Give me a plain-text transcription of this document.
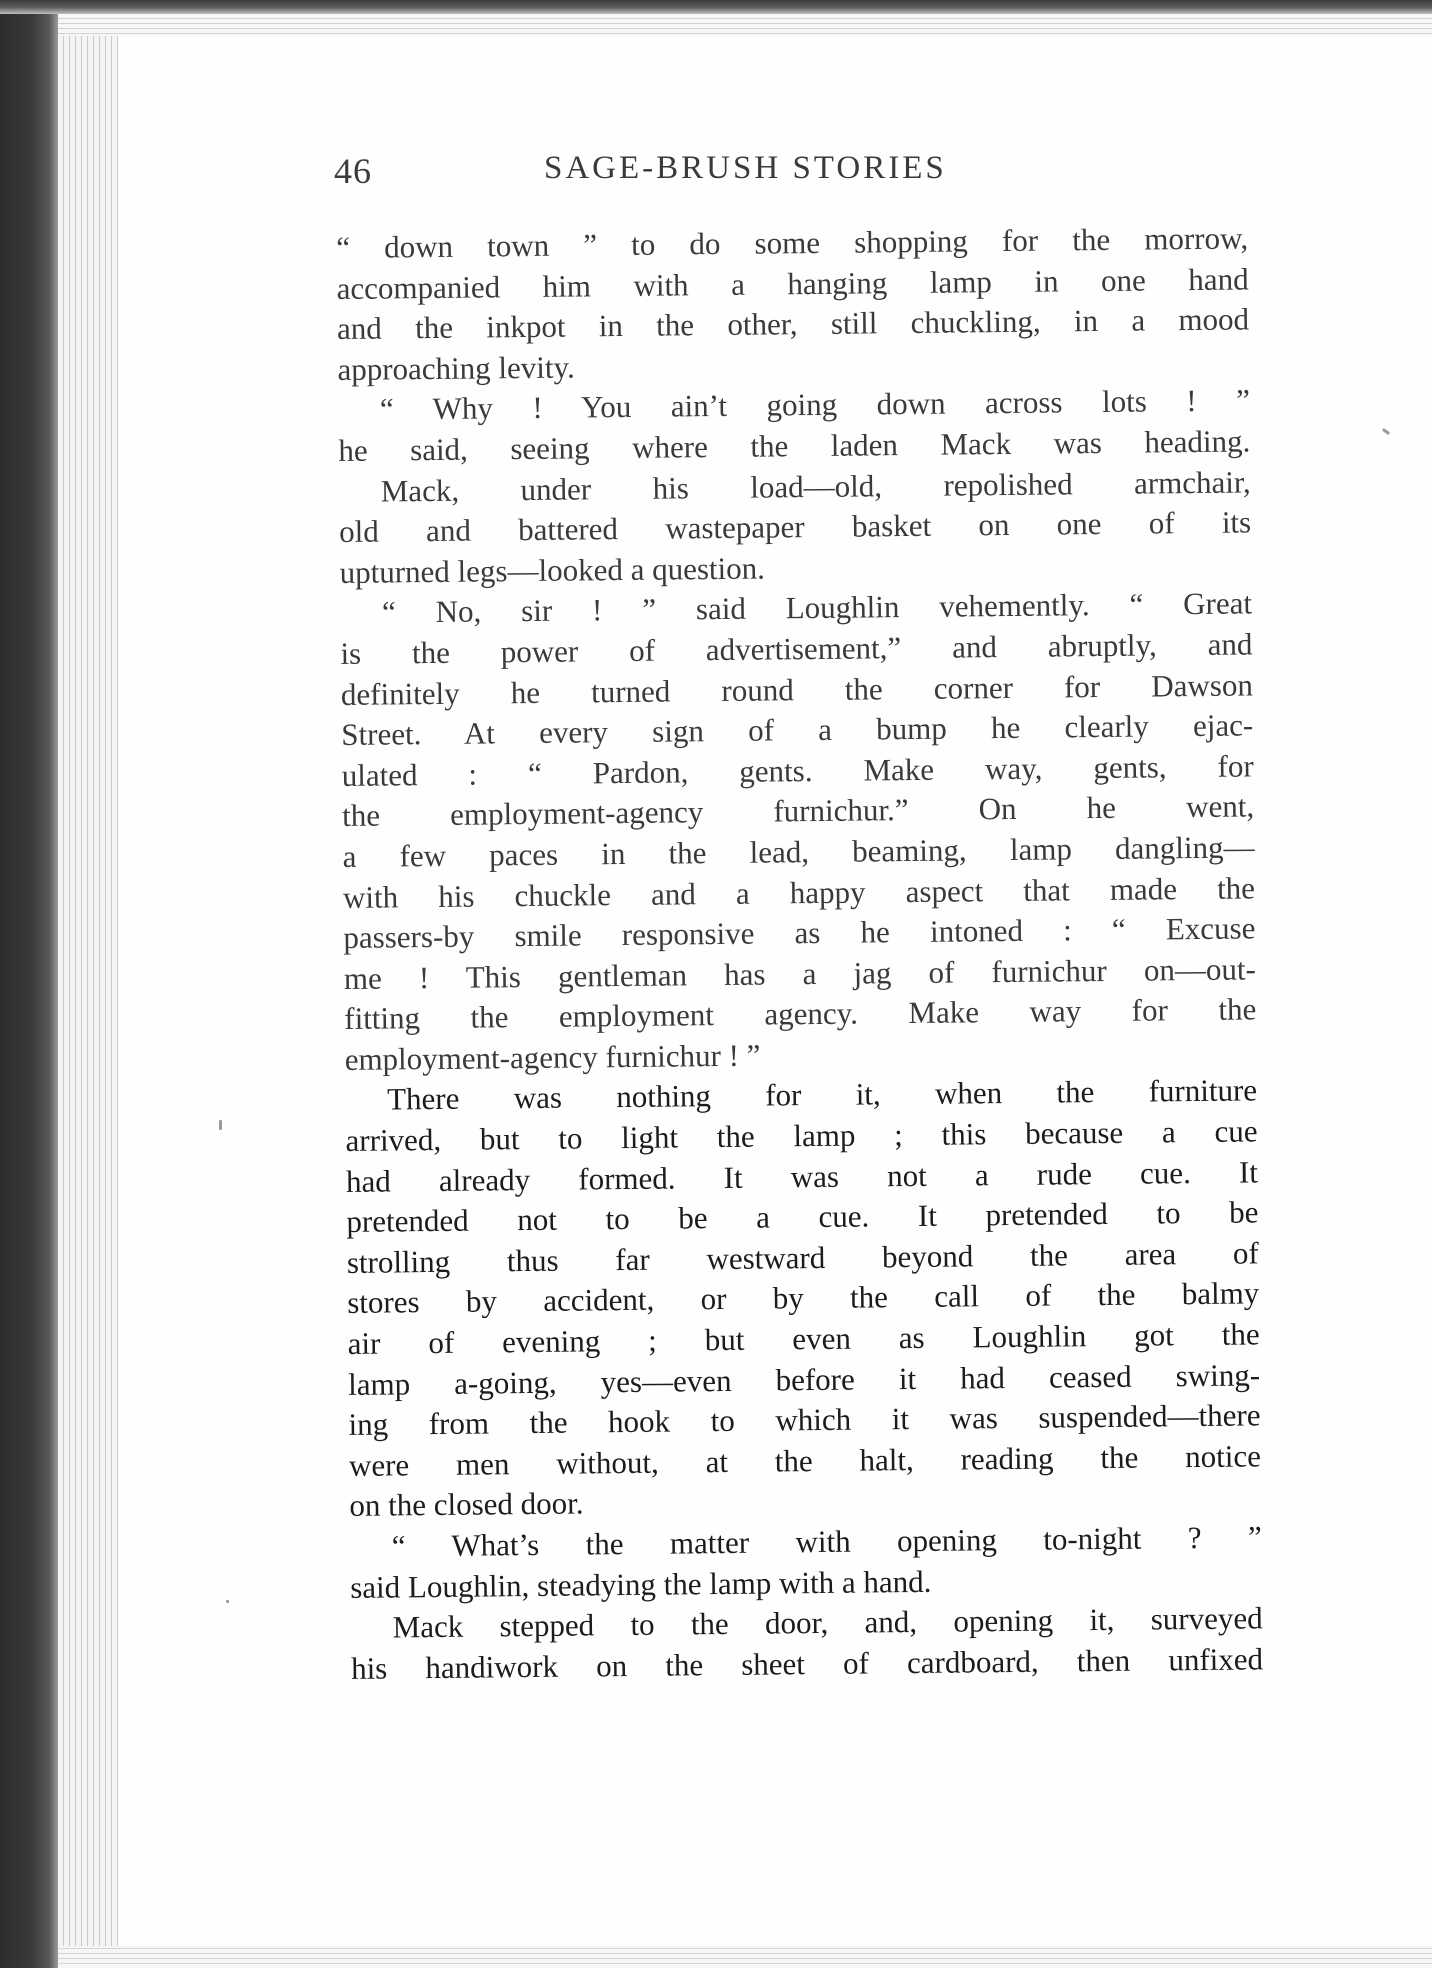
46	SAGE-BRUSH STORIES
“ down town ” to do some shopping for the morrow,
accompanied him with a hanging lamp in one hand
and the inkpot in the other, still chuckling, in a mood
approaching levity.
“ Why ! You ain’t going down across lots ! ”
he said, seeing where the laden Mack was heading.
Mack, under his load—old, repolished armchair,
old and battered wastepaper basket on one of its
upturned legs—looked a question.
“ No, sir ! ” said Loughlin vehemently. “ Great
is the power of advertisement,” and abruptly, and
definitely he turned round the corner for Dawson
Street. At every sign of a bump he clearly ejac-
ulated : “ Pardon, gents. Make way, gents, for
the employment-agency furnichur.” On he went,
a few paces in the lead, beaming, lamp dangling—
with his chuckle and a happy aspect that made the
passers-by smile responsive as he intoned : “ Excuse
me ! This gentleman has a jag of furnichur on—out-
fitting the employment agency. Make way for the
employment-agency furnichur ! ”
There was nothing for it, when the furniture
arrived, but to light the lamp ; this because a cue
had already formed. It was not a rude cue. It
pretended not to be a cue. It pretended to be
strolling thus far westward beyond the area of
stores by accident, or by the call of the balmy
air of evening ; but even as Loughlin got the
lamp a-going, yes—even before it had ceased swing-
ing from the hook to which it was suspended—there
were men without, at the halt, reading the notice
on the closed door.
“ What’s the matter with opening to-night ? ”
said Loughlin, steadying the lamp with a hand.
Mack stepped to the door, and, opening it, surveyed
his handiwork on the sheet of cardboard, then unfixed
